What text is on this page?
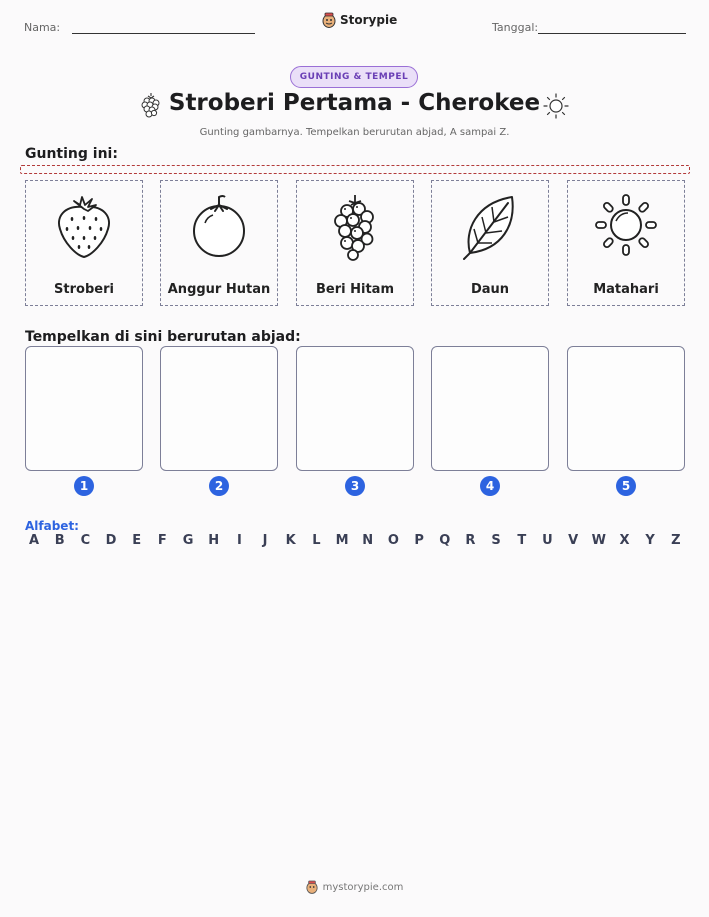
Nama:
Storypie
Tanggal:
GUNTING & TEMPEL
Stroberi Pertama - Cherokee
Gunting gambarnya. Tempelkan berurutan abjad, A sampai Z.
Gunting ini:
Stroberi	Anggur Hutan	Beri Hitam	Daun	Matahari
Tempelkan di sini berurutan abjad:
1	2	3	4	5
Alfabet:
A	B	C	D	E	F	G H	I	J	K	L	M N O	P	Q	R	S	T	U	V	W	X	Y	Z
mystorypie.com
